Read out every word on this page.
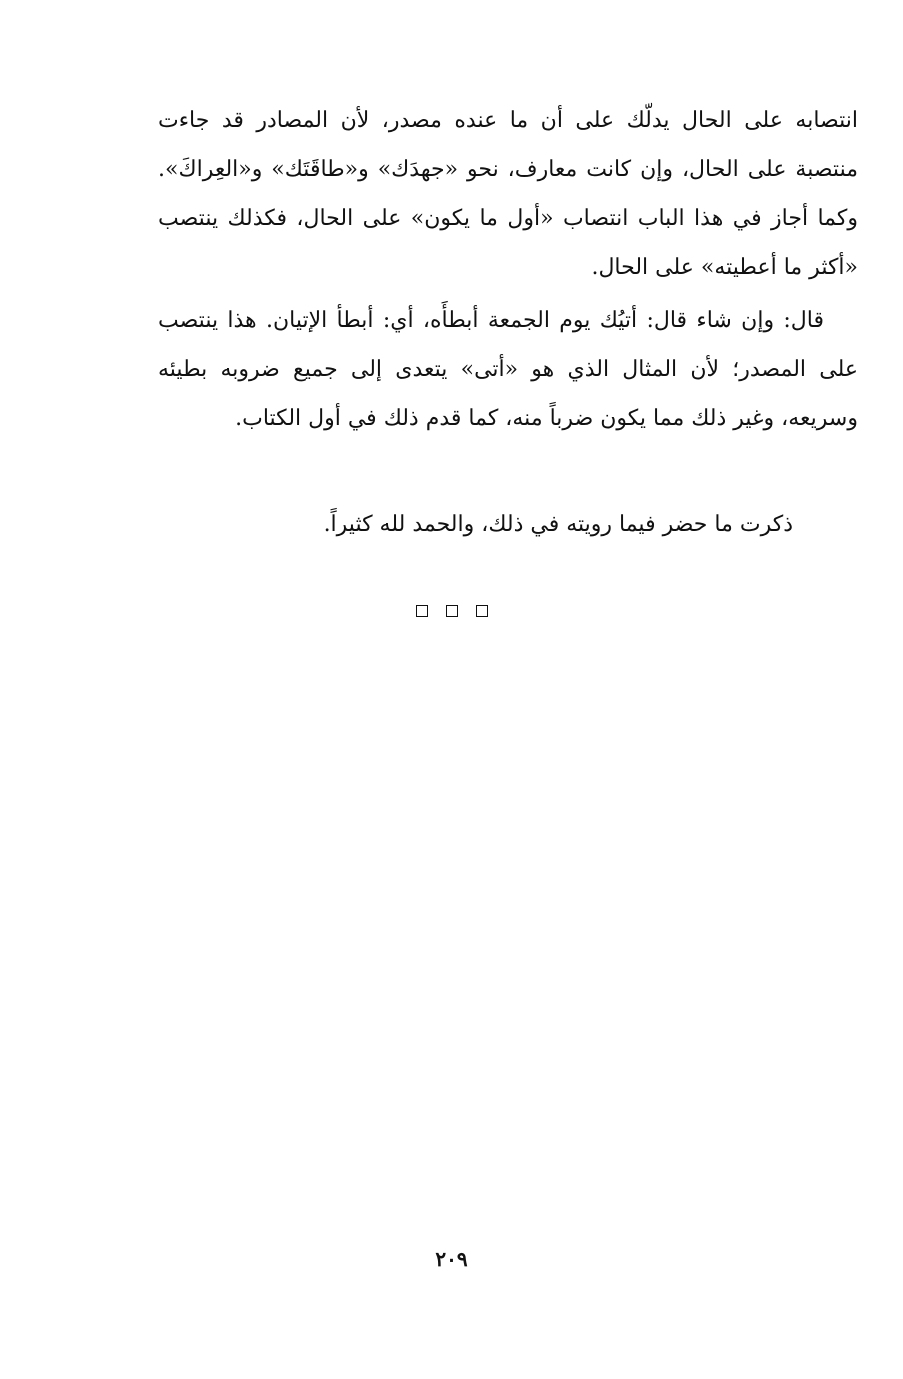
انتصابه على الحال يدلّك على أن ما عنده مصدر، لأن المصادر قد جاءت منتصبة على الحال، وإن كانت معارف، نحو «جهدَك» و«طاقَتَك» و«العِراكَ». وكما أجاز في هذا الباب انتصاب «أول ما يكون» على الحال، فكذلك ينتصب «أكثر ما أعطيته» على الحال.

قال: وإن شاء قال: أتيُك يوم الجمعة أبطأَه، أي: أبطأ الإتيان. هذا ينتصب على المصدر؛ لأن المثال الذي هو «أتى» يتعدى إلى جميع ضروبه بطيئه وسريعه، وغير ذلك مما يكون ضرباً منه، كما قدم ذلك في أول الكتاب.

ذكرت ما حضر فيما رويته في ذلك، والحمد لله كثيراً.

٢٠٩
